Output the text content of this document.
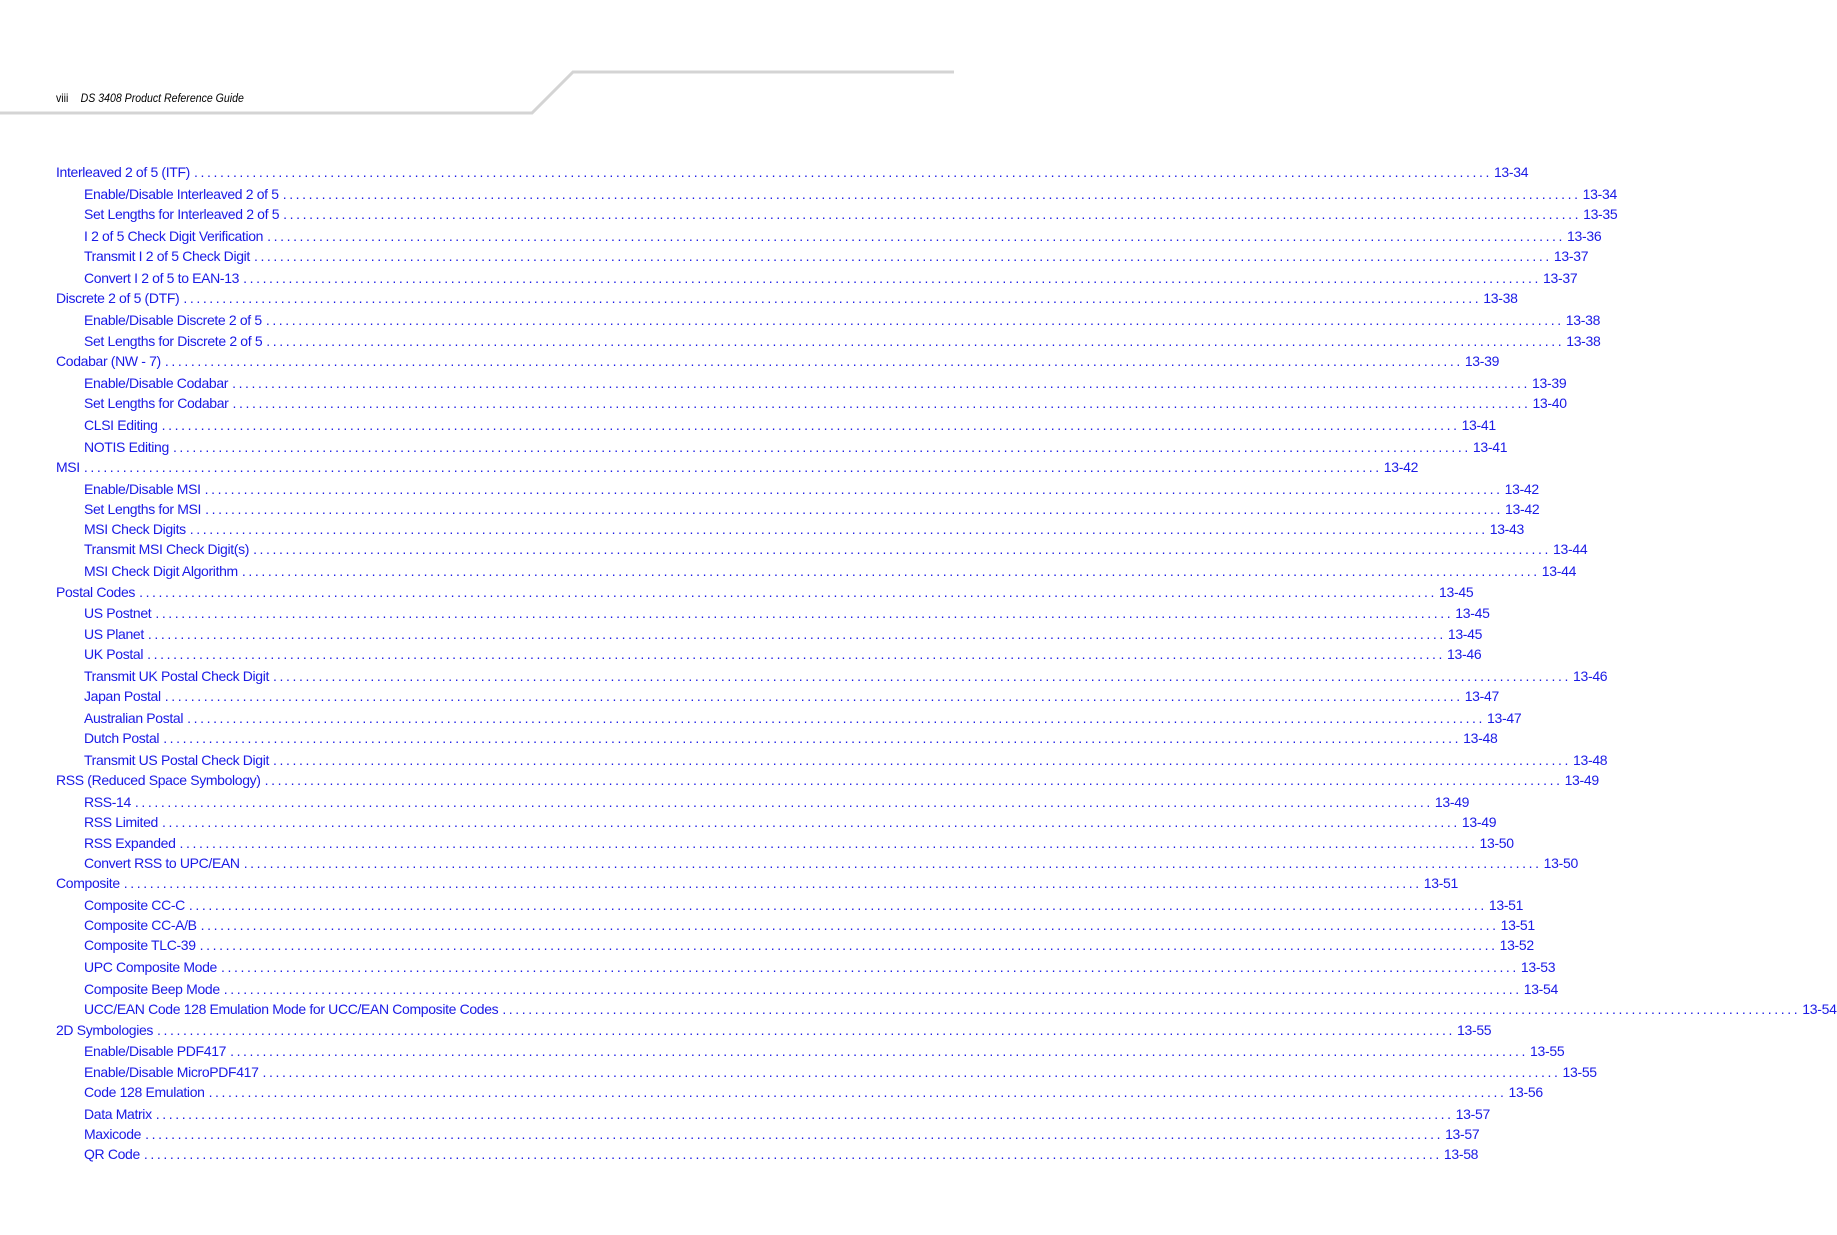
viii DS 3408 Product Reference Guide
Interleaved 2 of 5 (ITF) ........................................................................................................................................................................................................ 13-34
Enable/Disable Interleaved 2 of 5 ........................................................................................................................................................................................................ 13-34
Set Lengths for Interleaved 2 of 5 ........................................................................................................................................................................................................ 13-35
I 2 of 5 Check Digit Verification ........................................................................................................................................................................................................ 13-36
Transmit I 2 of 5 Check Digit ........................................................................................................................................................................................................ 13-37
Convert I 2 of 5 to EAN-13 ........................................................................................................................................................................................................ 13-37
Discrete 2 of 5 (DTF) ........................................................................................................................................................................................................ 13-38
Enable/Disable Discrete 2 of 5 ........................................................................................................................................................................................................ 13-38
Set Lengths for Discrete 2 of 5 ........................................................................................................................................................................................................ 13-38
Codabar (NW - 7) ........................................................................................................................................................................................................ 13-39
Enable/Disable Codabar ........................................................................................................................................................................................................ 13-39
Set Lengths for Codabar ........................................................................................................................................................................................................ 13-40
CLSI Editing ........................................................................................................................................................................................................ 13-41
NOTIS Editing ........................................................................................................................................................................................................ 13-41
MSI ........................................................................................................................................................................................................ 13-42
Enable/Disable MSI ........................................................................................................................................................................................................ 13-42
Set Lengths for MSI ........................................................................................................................................................................................................ 13-42
MSI Check Digits ........................................................................................................................................................................................................ 13-43
Transmit MSI Check Digit(s) ........................................................................................................................................................................................................ 13-44
MSI Check Digit Algorithm ........................................................................................................................................................................................................ 13-44
Postal Codes ........................................................................................................................................................................................................ 13-45
US Postnet ........................................................................................................................................................................................................ 13-45
US Planet ........................................................................................................................................................................................................ 13-45
UK Postal ........................................................................................................................................................................................................ 13-46
Transmit UK Postal Check Digit ........................................................................................................................................................................................................ 13-46
Japan Postal ........................................................................................................................................................................................................ 13-47
Australian Postal ........................................................................................................................................................................................................ 13-47
Dutch Postal ........................................................................................................................................................................................................ 13-48
Transmit US Postal Check Digit ........................................................................................................................................................................................................ 13-48
RSS (Reduced Space Symbology) ........................................................................................................................................................................................................ 13-49
RSS-14 ........................................................................................................................................................................................................ 13-49
RSS Limited ........................................................................................................................................................................................................ 13-49
RSS Expanded ........................................................................................................................................................................................................ 13-50
Convert RSS to UPC/EAN ........................................................................................................................................................................................................ 13-50
Composite ........................................................................................................................................................................................................ 13-51
Composite CC-C ........................................................................................................................................................................................................ 13-51
Composite CC-A/B ........................................................................................................................................................................................................ 13-51
Composite TLC-39 ........................................................................................................................................................................................................ 13-52
UPC Composite Mode ........................................................................................................................................................................................................ 13-53
Composite Beep Mode ........................................................................................................................................................................................................ 13-54
UCC/EAN Code 128 Emulation Mode for UCC/EAN Composite Codes ........................................................................................................................................................................................................ 13-54
2D Symbologies ........................................................................................................................................................................................................ 13-55
Enable/Disable PDF417 ........................................................................................................................................................................................................ 13-55
Enable/Disable MicroPDF417 ........................................................................................................................................................................................................ 13-55
Code 128 Emulation ........................................................................................................................................................................................................ 13-56
Data Matrix ........................................................................................................................................................................................................ 13-57
Maxicode ........................................................................................................................................................................................................ 13-57
QR Code ........................................................................................................................................................................................................ 13-58
